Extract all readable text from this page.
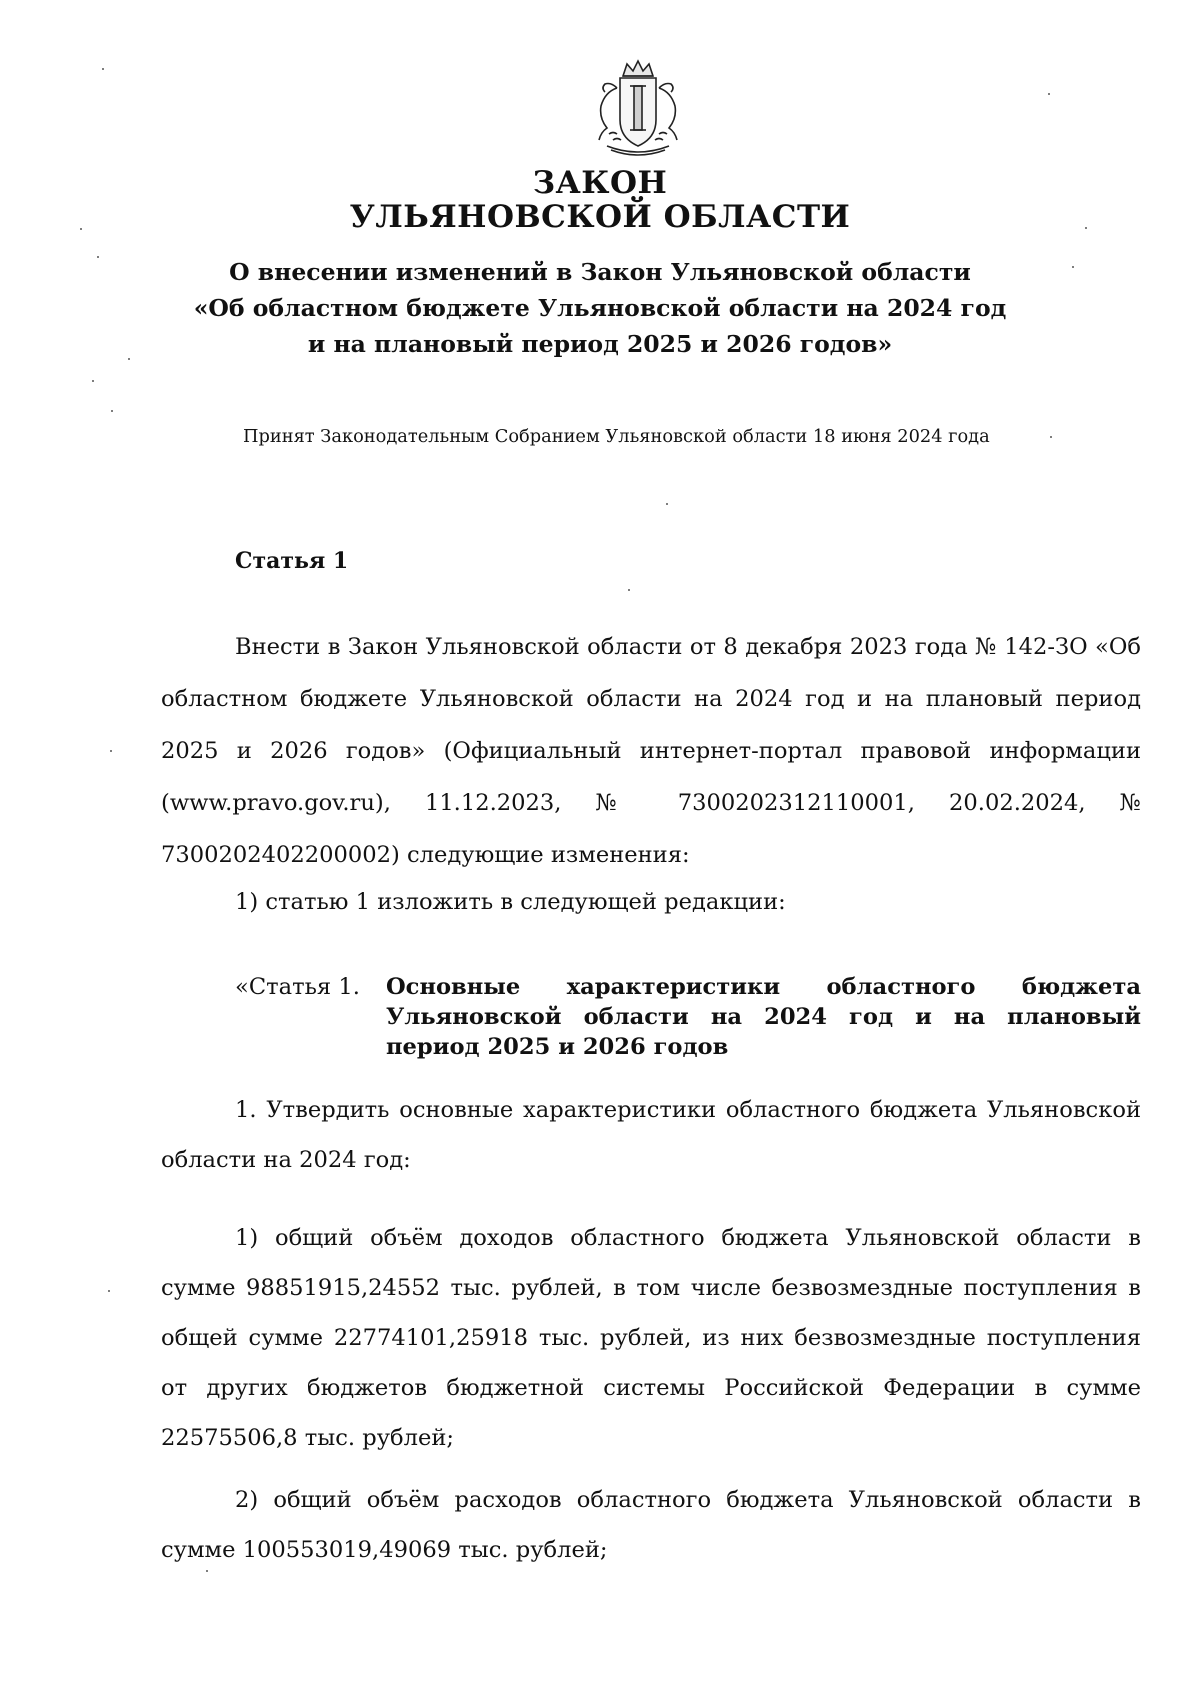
ЗАКОН
УЛЬЯНОВСКОЙ ОБЛАСТИ
О внесении изменений в Закон Ульяновской области
«Об областном бюджете Ульяновской области на 2024 год
и на плановый период 2025 и 2026 годов»
Принят Законодательным Собранием Ульяновской области 18 июня 2024 года
Статья 1
Внести в Закон Ульяновской области от 8 декабря 2023 года № 142-ЗО «Об областном бюджете Ульяновской области на 2024 год и на плановый период 2025 и 2026 годов» (Официальный интернет-портал правовой информации (www.pravo.gov.ru), 11.12.2023, № 7300202312110001, 20.02.2024, № 7300202402200002) следующие изменения:
1) статью 1 изложить в следующей редакции:
«Статья 1. Основные характеристики областного бюджета Ульяновской области на 2024 год и на плановый период 2025 и 2026 годов
1. Утвердить основные характеристики областного бюджета Ульяновской области на 2024 год:
1) общий объём доходов областного бюджета Ульяновской области в сумме 98851915,24552 тыс. рублей, в том числе безвозмездные поступления в общей сумме 22774101,25918 тыс. рублей, из них безвозмездные поступления от других бюджетов бюджетной системы Российской Федерации в сумме 22575506,8 тыс. рублей;
2) общий объём расходов областного бюджета Ульяновской области в сумме 100553019,49069 тыс. рублей;
